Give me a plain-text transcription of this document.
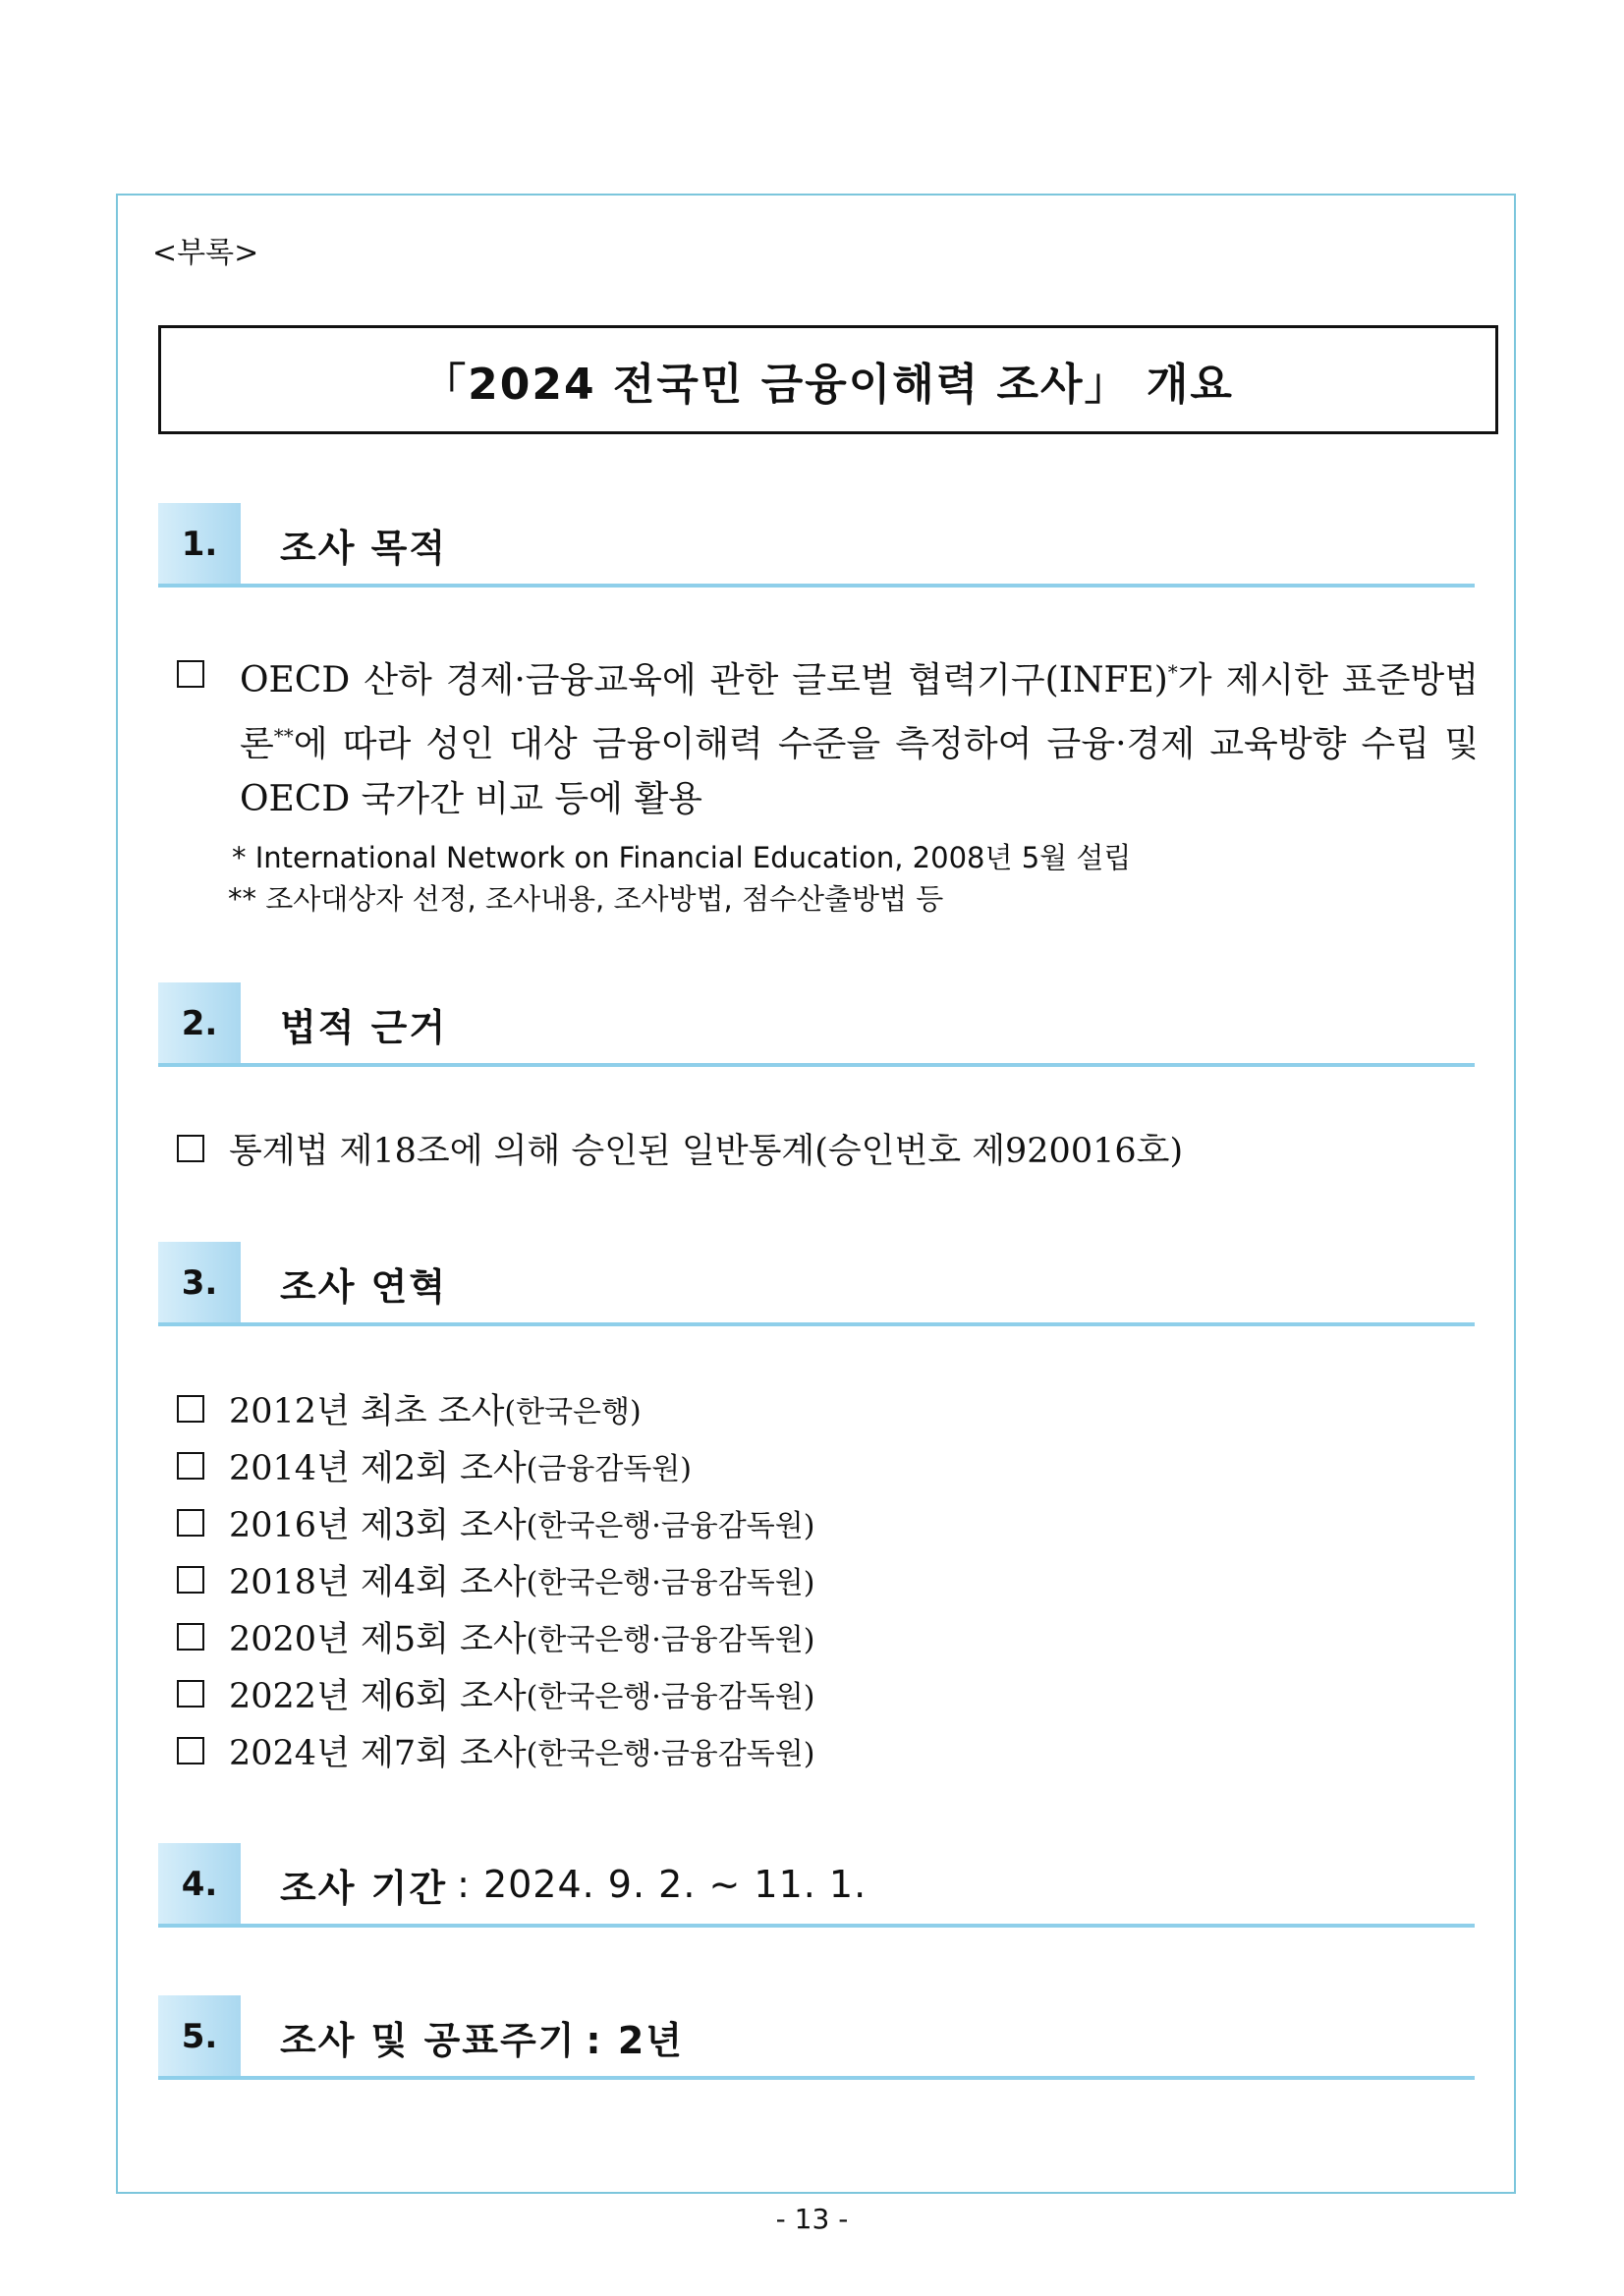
<부록>
「2024 전국민 금융이해력 조사」 개요
1.	조사 목적
OECD 산하 경제·금융교육에 관한 글로벌 협력기구(INFE)*가 제시한 표준방법론**에 따라 성인 대상 금융이해력 수준을 측정하여 금융·경제 교육방향 수립 및 OECD 국가간 비교 등에 활용
* International Network on Financial Education, 2008년 5월 설립
** 조사대상자 선정, 조사내용, 조사방법, 점수산출방법 등
2.	법적 근거
통계법 제18조에 의해 승인된 일반통계(승인번호 제920016호)
3.	조사 연혁
2012년 최초 조사 (한국은행)
2014년 제2회 조사 (금융감독원)
2016년 제3회 조사 (한국은행·금융감독원)
2018년 제4회 조사 (한국은행·금융감독원)
2020년 제5회 조사 (한국은행·금융감독원)
2022년 제6회 조사 (한국은행·금융감독원)
2024년 제7회 조사 (한국은행·금융감독원)
4.	조사 기간 : 2024. 9. 2. ~ 11. 1.
5.	조사 및 공표주기 : 2년
- 13 -
